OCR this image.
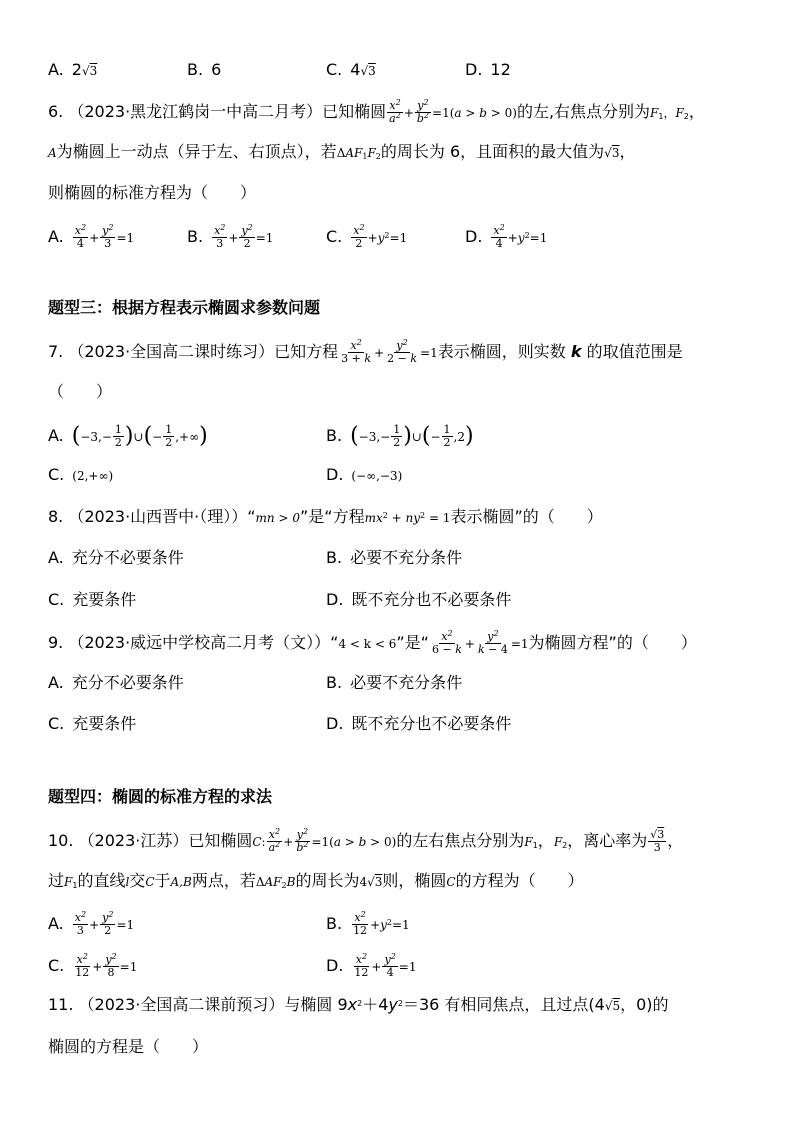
A. 2√3	B. 6	C. 4√3	D. 12
6. （2023·黑龙江鹤岗一中高二月考）已知椭圆 $\frac{x^2}{a^2} + \frac{y^2}{b^2} =1(a > b > 0)$的左,右焦点分别为$F_1$，$F_2$，
A为椭圆上一动点（异于左、右顶点），若$\Delta AF_1F_2$的周长为 6，且面积的最大值为√3，
则椭圆的标准方程为（　　）
A. $\frac{x^2}{4} + \frac{y^2}{3} =1$	B. $\frac{x^2}{3} + \frac{y^2}{2} =1$	C. $\frac{x^2}{2} +y^2=1$	D. $\frac{x^2}{4} +y^2=1$
题型三：根据方程表示椭圆求参数问题
7. （2023·全国高二课时练习）已知方程 $\frac{x^2}{3 + k} + \frac{y^2}{2 - k} =1$表示椭圆，则实数 k 的取值范围是
（　　）
A. ($-3,- \frac{1}{2}$ )∪(− $\frac{1}{2}$ ,+∞)	B. ($-3,- \frac{1}{2}$ )∪(− $\frac{1}{2} ,2$)
C. (2,+∞)	D. (−∞,−3)
8. （2023·山西晋中·（理））“mn > 0”是“方程$mx^2 + ny^2 = 1$表示椭圆”的（　　）
A. 充分不必要条件	B. 必要不充分条件
C. 充要条件	D. 既不充分也不必要条件
9. （2023·威远中学校高二月考（文））“4 < k < 6”是“ $\frac{x^2}{6 - k} + \frac{y^2}{k - 4} =1$为椭圆方程”的（　　）
A. 充分不必要条件	B. 必要不充分条件
C. 充要条件	D. 既不充分也不必要条件
题型四：椭圆的标准方程的求法
10. （2023·江苏）已知椭圆C: $\frac{x^2}{a^2} + \frac{y^2}{b^2} =1(a > b > 0)$的左右焦点分别为$F_1$，$F_2$，离心率为 $\frac{√3}{3}$ ，
过$F_1$的直线l交C于A,B两点，若$\Delta AF_2B$的周长为4√3则，椭圆C的方程为（　　）
A. $\frac{x^2}{3} + \frac{y^2}{2} =1$	B. $\frac{x^2}{12} +y^2=1$
C. $\frac{x^2}{12} + \frac{y^2}{8} =1$	D. $\frac{x^2}{12} + \frac{y^2}{4} =1$
11. （2023·全国高二课前预习）与椭圆 $9x^2+4y^2=36$ 有相同焦点，且过点(4√5，0)的
椭圆的方程是（　　）
